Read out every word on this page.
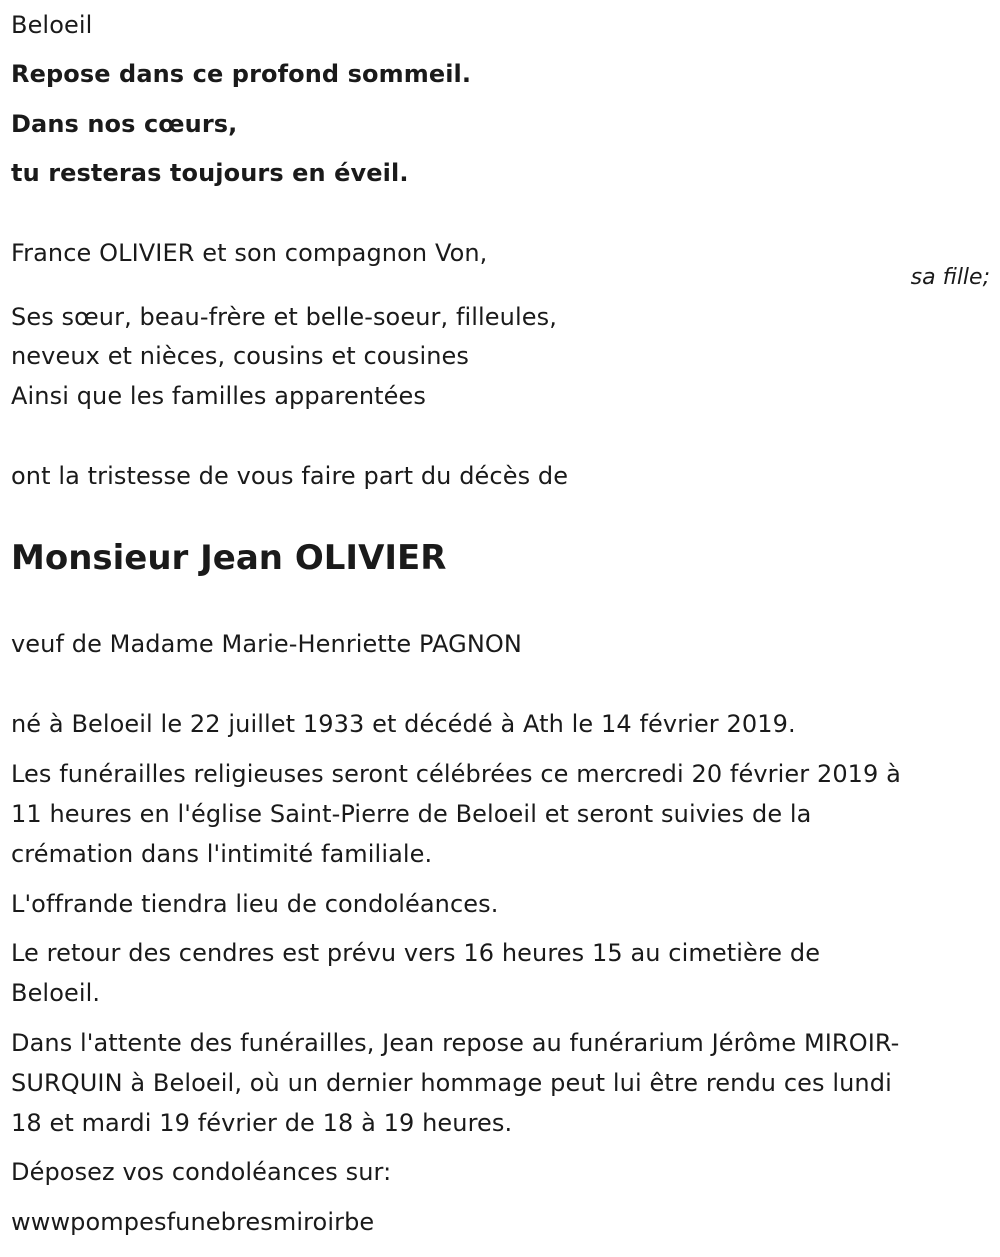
Beloeil

Repose dans ce profond sommeil.

Dans nos cœurs,

tu resteras toujours en éveil.

France OLIVIER et son compagnon Von,

sa fille;

Ses sœur, beau-frère et belle-soeur, filleules,

neveux et nièces, cousins et cousines

Ainsi que les familles apparentées

ont la tristesse de vous faire part du décès de

Monsieur Jean OLIVIER

veuf de Madame Marie-Henriette PAGNON

né à Beloeil le 22 juillet 1933 et décédé à Ath le 14 février 2019.

Les funérailles religieuses seront célébrées ce mercredi 20 février 2019 à

11 heures en l'église Saint-Pierre de Beloeil et seront suivies de la

crémation dans l'intimité familiale.

L'offrande tiendra lieu de condoléances.

Le retour des cendres est prévu vers 16 heures 15 au cimetière de

Beloeil.

Dans l'attente des funérailles, Jean repose au funérarium Jérôme MIROIR-

SURQUIN à Beloeil, où un dernier hommage peut lui être rendu ces lundi

18 et mardi 19 février de 18 à 19 heures.

Déposez vos condoléances sur:

wwwpompesfunebresmiroirbe
